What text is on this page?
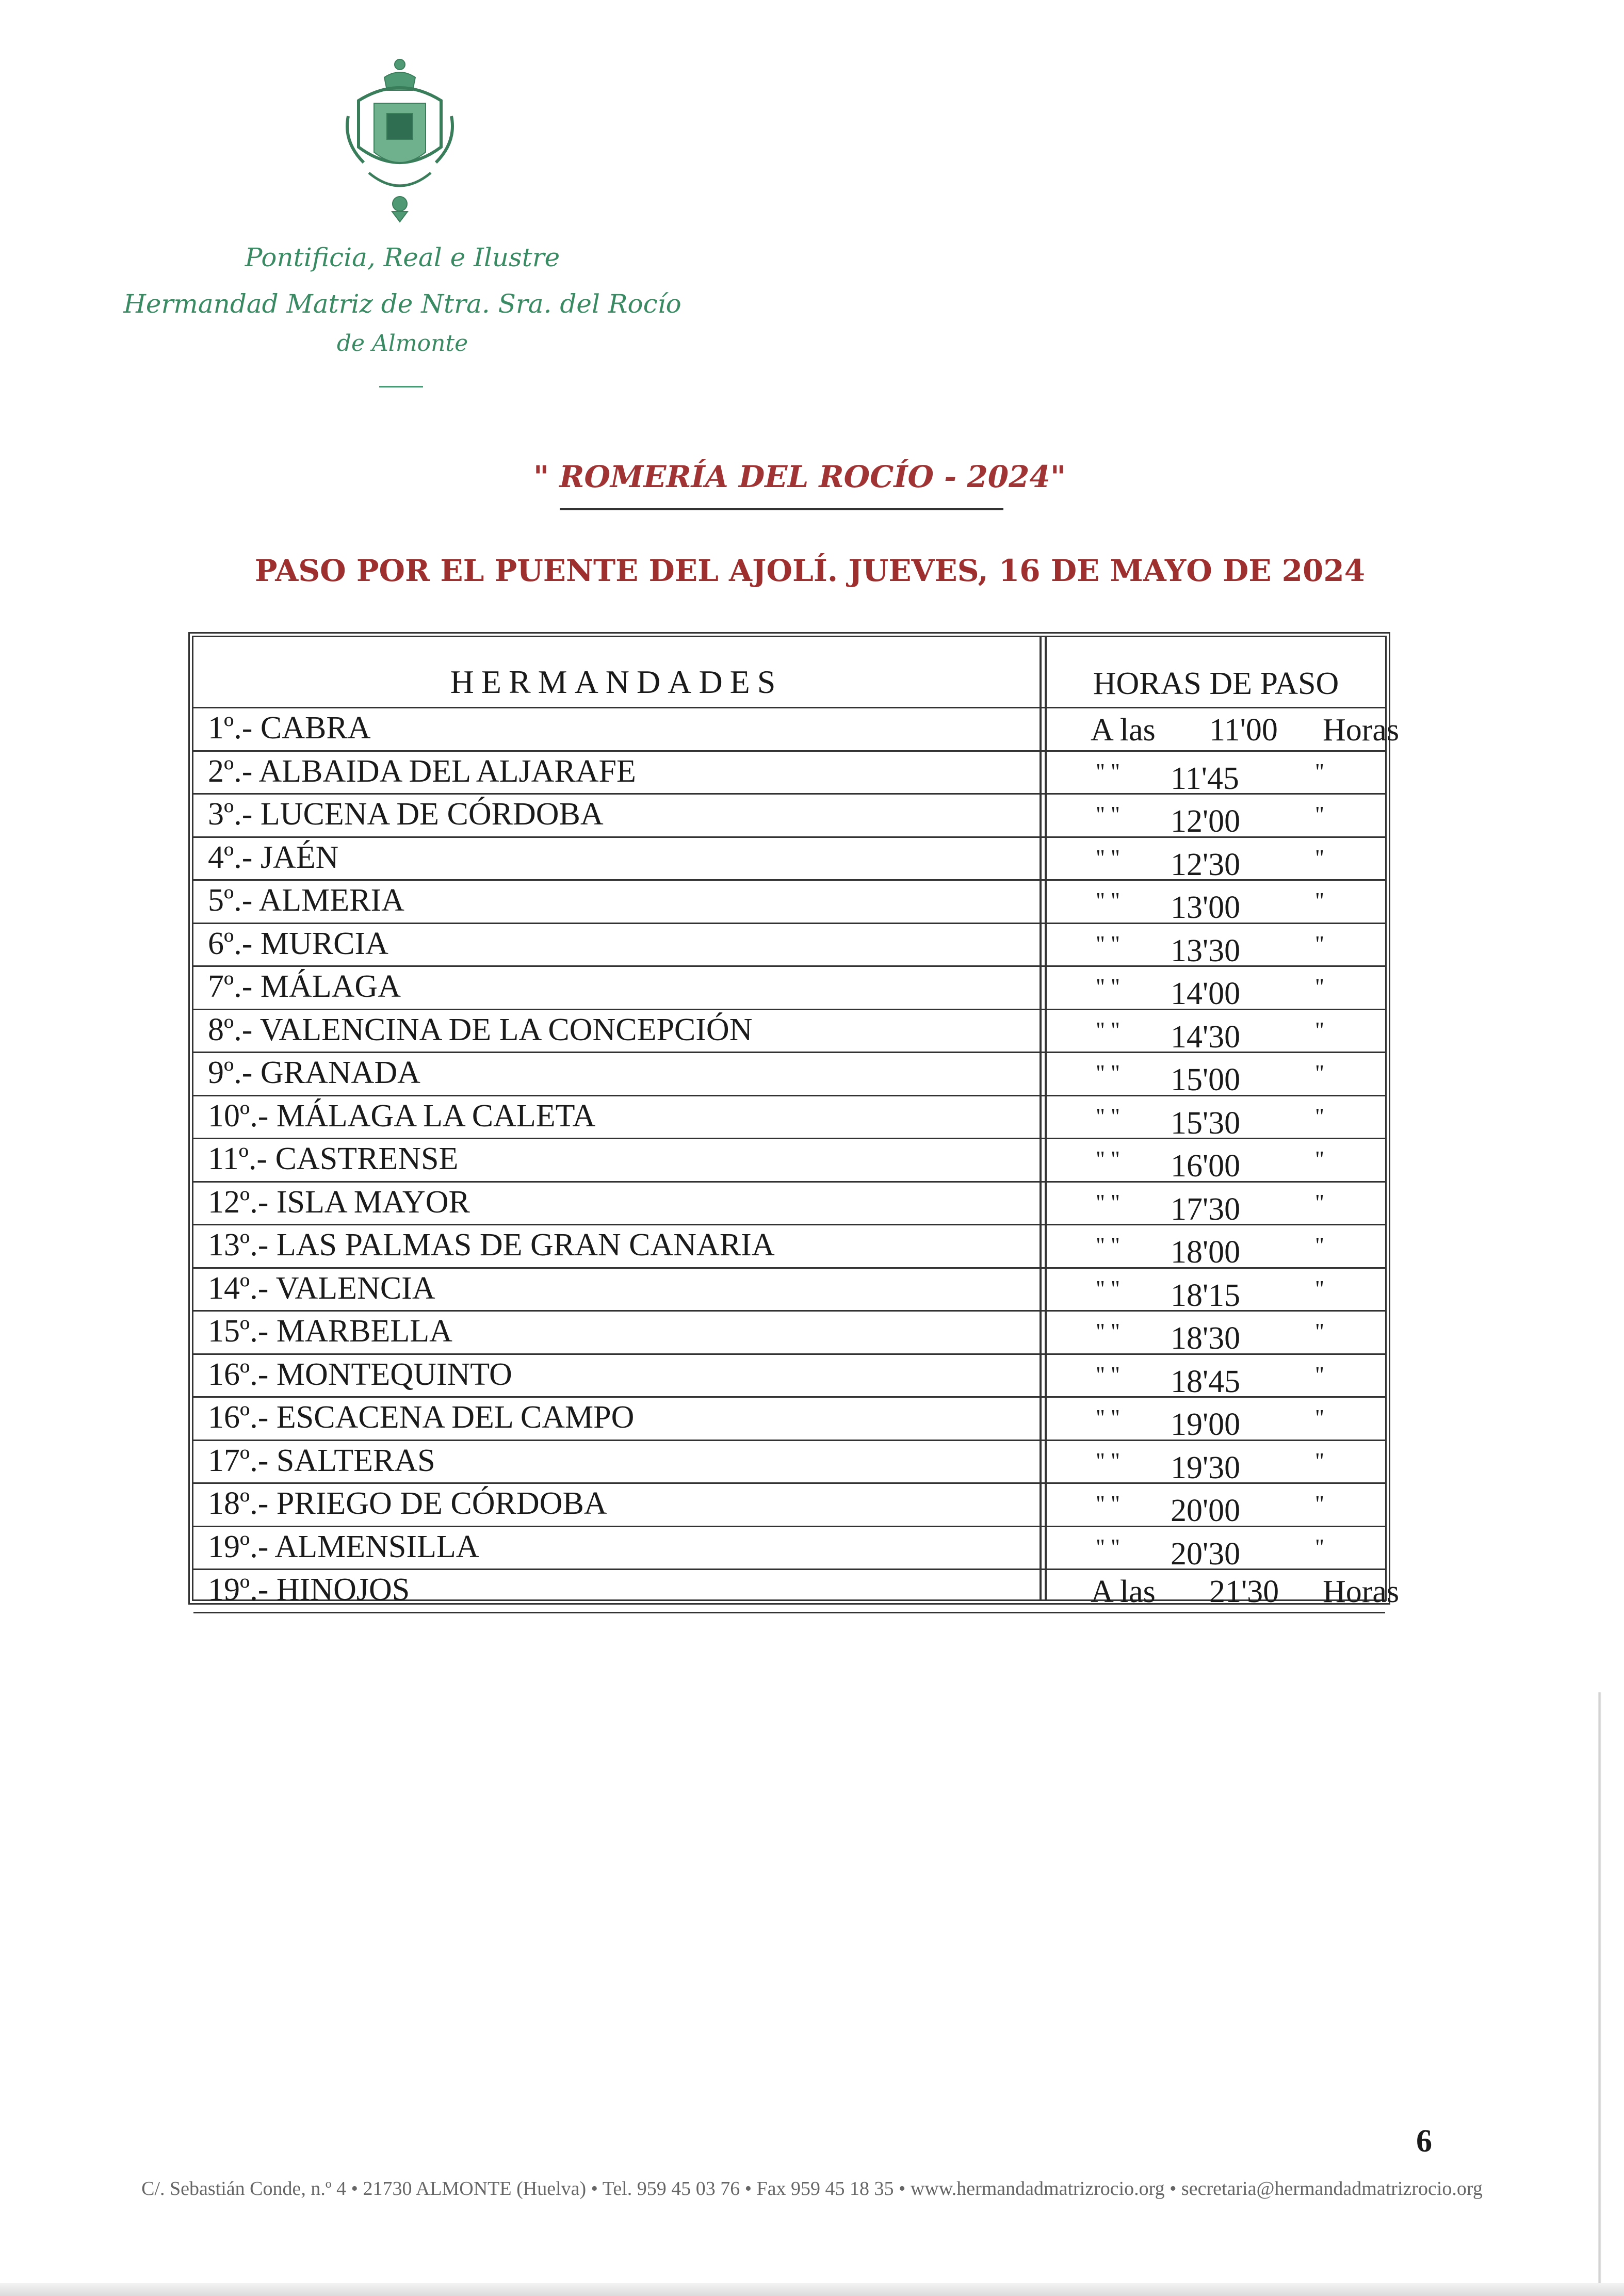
Pontificia, Real e Ilustre
Hermandad Matriz de Ntra. Sra. del Rocío
de Almonte
" ROMERÍA DEL ROCÍO - 2024"
PASO POR EL PUENTE DEL AJOLÍ. JUEVES, 16 DE MAYO DE 2024
HERMANDADES	HORAS DE PASO
1º.- CABRA	A las 11'00 Horas
2º.- ALBAIDA DEL ALJARAFE	" " 11'45	"
3º.- LUCENA DE CÓRDOBA	" " 12'00	"
4º.- JAÉN	" " 12'30	"
5º.- ALMERIA	" " 13'00	"
6º.- MURCIA	" " 13'30	"
7º.- MÁLAGA	" " 14'00	"
8º.- VALENCINA DE LA CONCEPCIÓN	" " 14'30	"
9º.- GRANADA	" " 15'00	"
10º.- MÁLAGA LA CALETA	" " 15'30	"
11º.- CASTRENSE	" " 16'00	"
12º.- ISLA MAYOR	" " 17'30	"
13º.- LAS PALMAS DE GRAN CANARIA	" " 18'00	"
14º.- VALENCIA	" " 18'15	"
15º.- MARBELLA	" " 18'30	"
16º.- MONTEQUINTO	" " 18'45	"
16º.- ESCACENA DEL CAMPO	" " 19'00	"
17º.- SALTERAS	" " 19'30	"
18º.- PRIEGO DE CÓRDOBA	" " 20'00	"
19º.- ALMENSILLA	" " 20'30	"
19º.- HINOJOS	A las 21'30 Horas
6
C/. Sebastián Conde, n.º 4 • 21730 ALMONTE (Huelva) • Tel. 959 45 03 76 • Fax 959 45 18 35 • www.hermandadmatrizrocio.org • secretaria@hermandadmatrizrocio.org
